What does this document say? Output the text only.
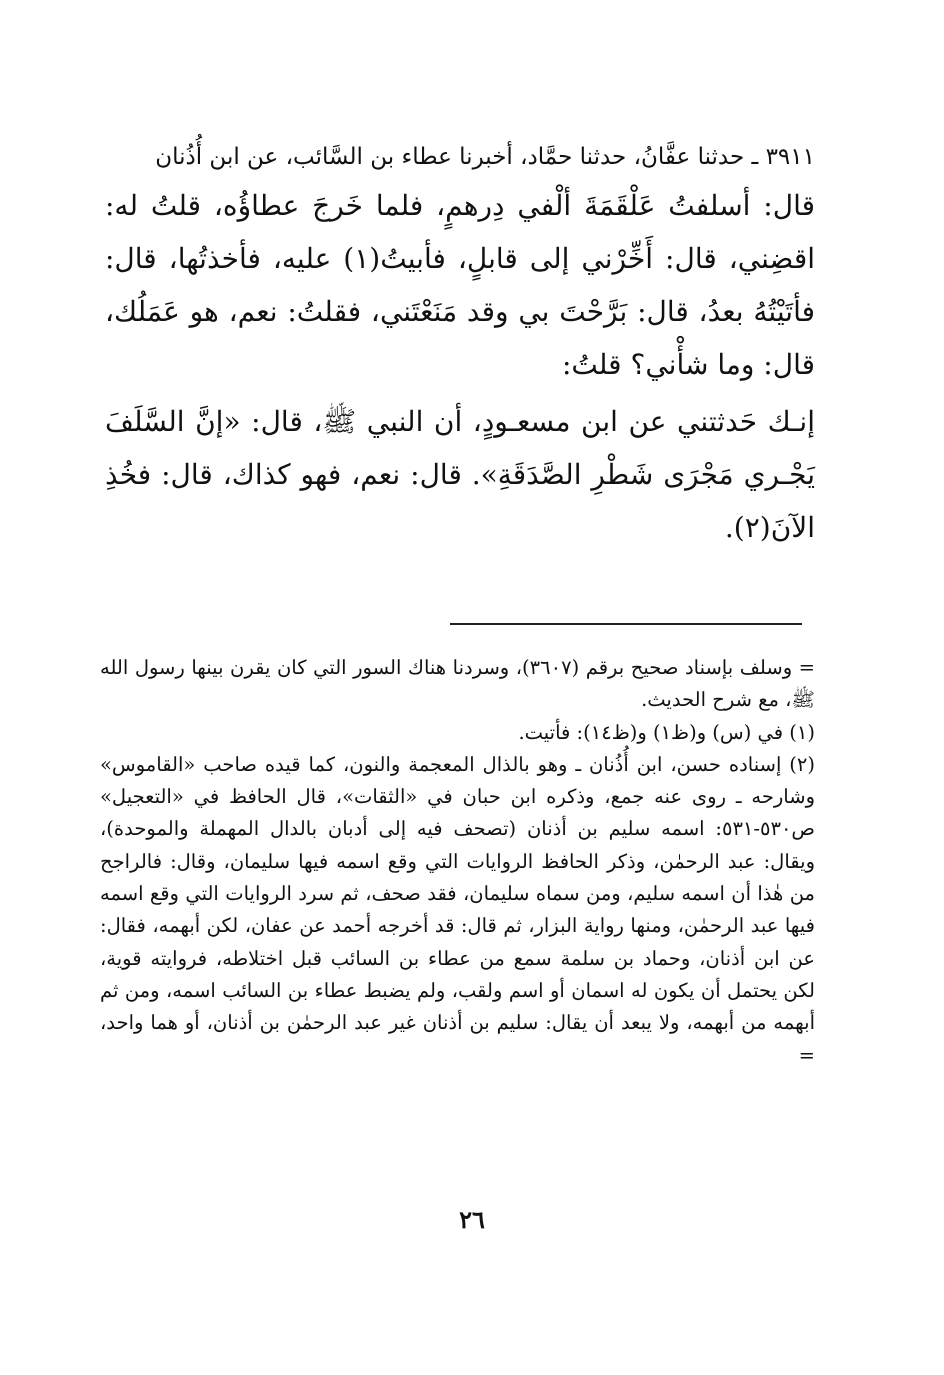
٣٩١١ ـ حدثنا عفَّانُ، حدثنا حمَّاد، أخبرنا عطاء بن السَّائب، عن ابن أُذُنان

قال: أسلفتُ عَلْقَمَةَ ألْفي دِرهمٍ، فلما خَرجَ عطاؤُه، قلتُ له: اقضِني، قال: أَخِّرْني إلى قابلٍ، فأبيتُ(١) عليه، فأخذتُها، قال: فأتَيْتُهُ بعدُ، قال: بَرَّحْتَ بي وقد مَنَعْتَني، فقلتُ: نعم، هو عَمَلُك، قال: وما شأْني؟ قلتُ:

إنـك حَدثتني عن ابن مسعـودٍ، أن النبي ﷺ، قال: «إنَّ السَّلَفَ يَجْـري مَجْرَى شَطْرِ الصَّدَقَةِ». قال: نعم، فهو كذاك، قال: فخُذِ الآنَ(٢).

= وسلف بإسناد صحيح برقم (٣٦٠٧)، وسردنا هناك السور التي كان يقرن بينها رسول الله ﷺ، مع شرح الحديث.

(١) في (س) و(ظ١) و(ظ١٤): فأتيت.

(٢) إسناده حسن، ابن أُذُنان ـ وهو بالذال المعجمة والنون، كما قيده صاحب «القاموس» وشارحه ـ روى عنه جمع، وذكره ابن حبان في «الثقات»، قال الحافظ في «التعجيل» ص٥٣٠-٥٣١: اسمه سليم بن أذنان (تصحف فيه إلى أدبان بالدال المهملة والموحدة)، ويقال: عبد الرحمٰن، وذكر الحافظ الروايات التي وقع اسمه فيها سليمان، وقال: فالراجح من هٰذا أن اسمه سليم، ومن سماه سليمان، فقد صحف، ثم سرد الروايات التي وقع اسمه فيها عبد الرحمٰن، ومنها رواية البزار، ثم قال: قد أخرجه أحمد عن عفان، لكن أبهمه، فقال: عن ابن أذنان، وحماد بن سلمة سمع من عطاء بن السائب قبل اختلاطه، فروايته قوية، لكن يحتمل أن يكون له اسمان أو اسم ولقب، ولم يضبط عطاء بن السائب اسمه، ومن ثم أبهمه من أبهمه، ولا يبعد أن يقال: سليم بن أذنان غير عبد الرحمٰن بن أذنان، أو هما واحد، =

٢٦
